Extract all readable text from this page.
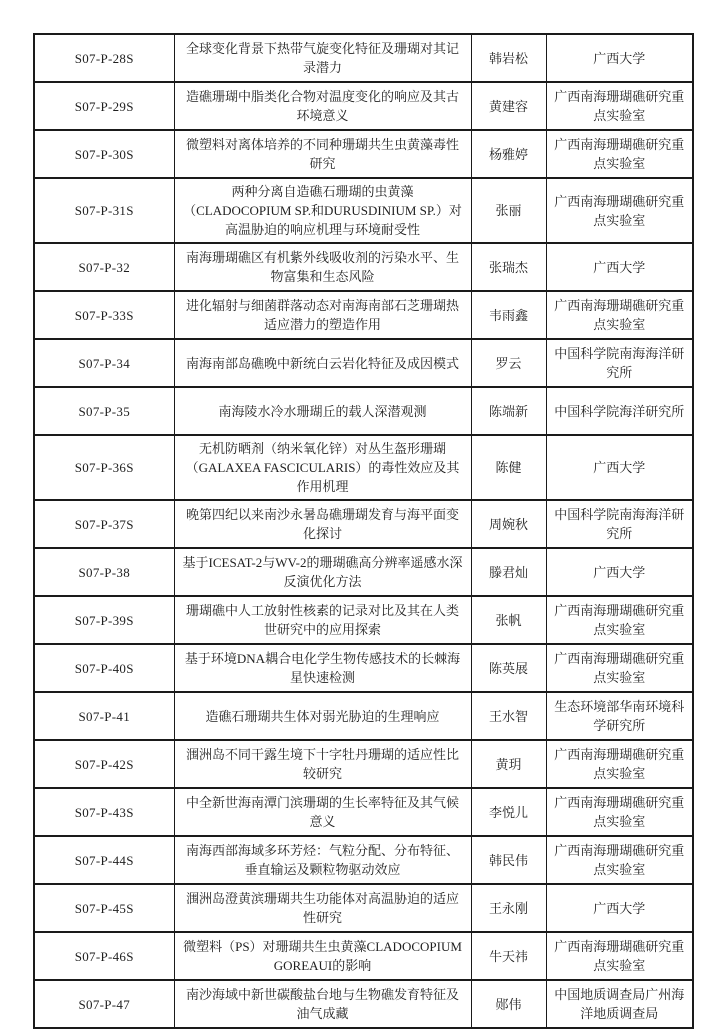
S07-P-28S	全球变化背景下热带气旋变化特征及珊瑚对其记录潜力	韩岩松	广西大学
S07-P-29S	造礁珊瑚中脂类化合物对温度变化的响应及其古环境意义	黄建容	广西南海珊瑚礁研究重点实验室
S07-P-30S	微塑料对离体培养的不同种珊瑚共生虫黄藻毒性研究	杨雅婷	广西南海珊瑚礁研究重点实验室
S07-P-31S	两种分离自造礁石珊瑚的虫黄藻（CLADOCOPIUM SP.和DURUSDINIUM SP.）对高温胁迫的响应机理与环境耐受性	张丽	广西南海珊瑚礁研究重点实验室
S07-P-32	南海珊瑚礁区有机紫外线吸收剂的污染水平、生物富集和生态风险	张瑞杰	广西大学
S07-P-33S	进化辐射与细菌群落动态对南海南部石芝珊瑚热适应潜力的塑造作用	韦雨鑫	广西南海珊瑚礁研究重点实验室
S07-P-34	南海南部岛礁晚中新统白云岩化特征及成因模式	罗云	中国科学院南海海洋研究所
S07-P-35	南海陵水冷水珊瑚丘的载人深潜观测	陈端新	中国科学院海洋研究所
S07-P-36S	无机防晒剂（纳米氧化锌）对丛生盔形珊瑚（GALAXEA FASCICULARIS）的毒性效应及其作用机理	陈健	广西大学
S07-P-37S	晚第四纪以来南沙永暑岛礁珊瑚发育与海平面变化探讨	周婉秋	中国科学院南海海洋研究所
S07-P-38	基于ICESAT-2与WV-2的珊瑚礁高分辨率遥感水深反演优化方法	滕君灿	广西大学
S07-P-39S	珊瑚礁中人工放射性核素的记录对比及其在人类世研究中的应用探索	张帆	广西南海珊瑚礁研究重点实验室
S07-P-40S	基于环境DNA耦合电化学生物传感技术的长棘海星快速检测	陈英展	广西南海珊瑚礁研究重点实验室
S07-P-41	造礁石珊瑚共生体对弱光胁迫的生理响应	王水智	生态环境部华南环境科学研究所
S07-P-42S	涠洲岛不同干露生境下十字牡丹珊瑚的适应性比较研究	黄玥	广西南海珊瑚礁研究重点实验室
S07-P-43S	中全新世海南潭门滨珊瑚的生长率特征及其气候意义	李悦儿	广西南海珊瑚礁研究重点实验室
S07-P-44S	南海西部海域多环芳烃：气粒分配、分布特征、垂直输运及颗粒物驱动效应	韩民伟	广西南海珊瑚礁研究重点实验室
S07-P-45S	涠洲岛澄黄滨珊瑚共生功能体对高温胁迫的适应性研究	王永刚	广西大学
S07-P-46S	微塑料（PS）对珊瑚共生虫黄藻CLADOCOPIUM GOREAUI的影响	牛天祎	广西南海珊瑚礁研究重点实验室
S07-P-47	南沙海域中新世碳酸盐台地与生物礁发育特征及油气成藏	郧伟	中国地质调查局广州海洋地质调查局
